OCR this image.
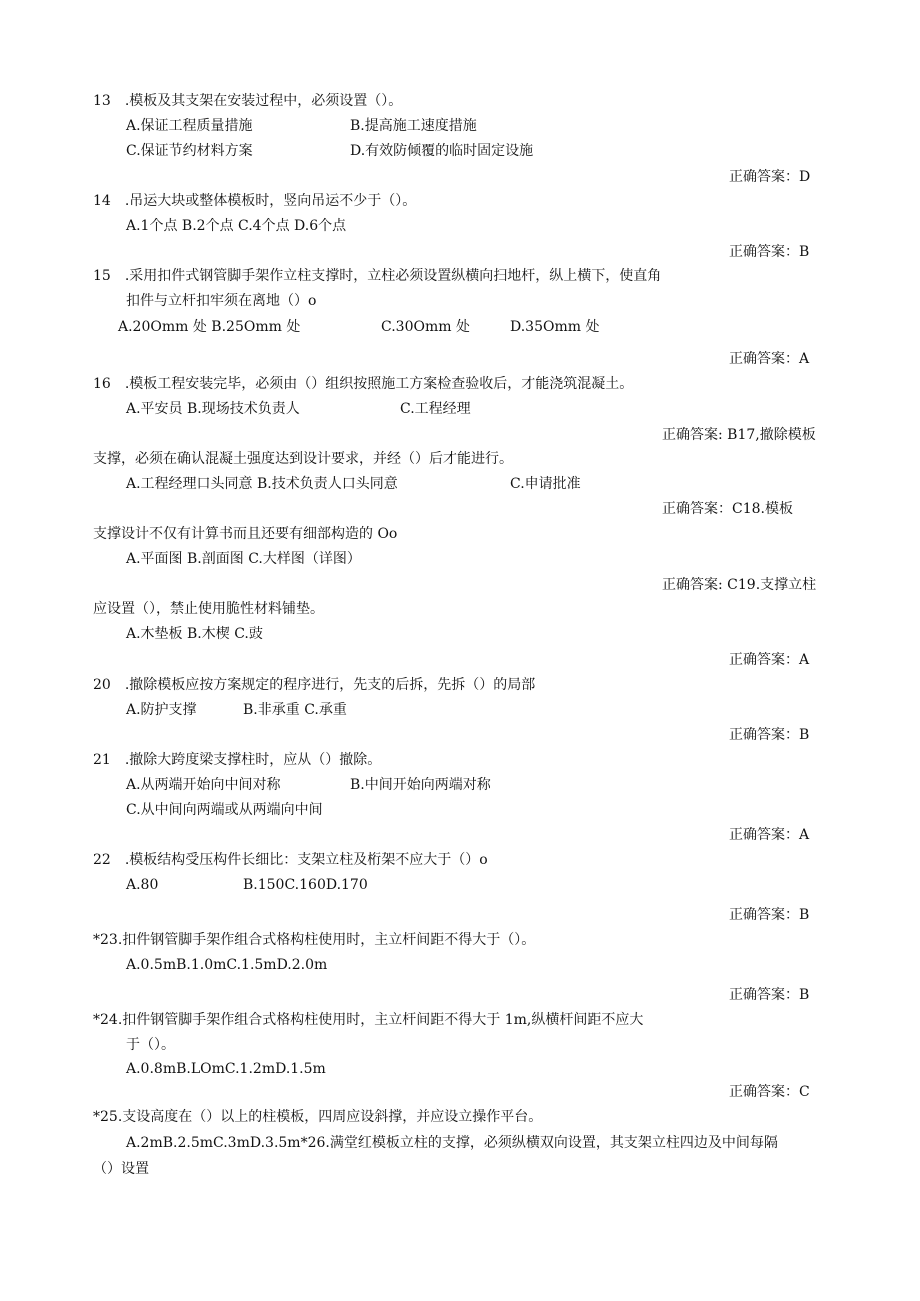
13　.模板及其支架在安装过程中，必须设置（）。
A.保证工程质量措施	B.提高施工速度措施
C.保证节约材料方案	D.有效防倾覆的临时固定设施
正确答案：D
14　.吊运大块或整体模板时，竖向吊运不少于（）。
A.1个点 B.2个点 C.4个点 D.6个点
正确答案：B
15　.采用扣件式钢管脚手架作立柱支撑时，立柱必须设置纵横向扫地杆，纵上横下，使直角
扣件与立杆扣牢须在离地（）o
A.20Omm 处 B.25Omm 处	C.30Omm 处	D.35Omm 处
正确答案：A
16　.模板工程安装完毕，必须由（）组织按照施工方案检查验收后，才能浇筑混凝土。
A.平安员 B.现场技术负责人	C.工程经理
正确答案: B17,撤除模板
支撑，必须在确认混凝土强度达到设计要求，并经（）后才能进行。
A.工程经理口头同意 B.技术负责人口头同意	C.申请批准
正确答案：C18.模板
支撑设计不仅有计算书而且还要有细部构造的 Oo
A.平面图 B.剖面图 C.大样图（详图）
正确答案: C19.支撑立柱
应设置（），禁止使用脆性材料铺垫。
A.木垫板 B.木楔 C.豉
正确答案：A
20　.撤除模板应按方案规定的程序进行，先支的后拆，先拆（）的局部
A.防护支撑	B.非承重 C.承重
正确答案：B
21　.撤除大跨度梁支撑柱时，应从（）撤除。
A.从两端开始向中间对称	B.中间开始向两端对称
C.从中间向两端或从两端向中间
正确答案：A
22　.模板结构受压构件长细比：支架立柱及桁架不应大于（）o
A.80	B.150C.160D.170
正确答案：B
*23.扣件钢管脚手架作组合式格构柱使用时，主立杆间距不得大于（）。
A.0.5mB.1.0mC.1.5mD.2.0m
正确答案：B
*24.扣件钢管脚手架作组合式格构柱使用时，主立杆间距不得大于 1m,纵横杆间距不应大
于（）。
A.0.8mB.LOmC.1.2mD.1.5m
正确答案：C
*25.支设高度在（）以上的柱模板，四周应设斜撑，并应设立操作平台。
A.2mB.2.5mC.3mD.3.5m*26.满堂红模板立柱的支撑，必须纵横双向设置，其支架立柱四边及中间每隔
（）设置
